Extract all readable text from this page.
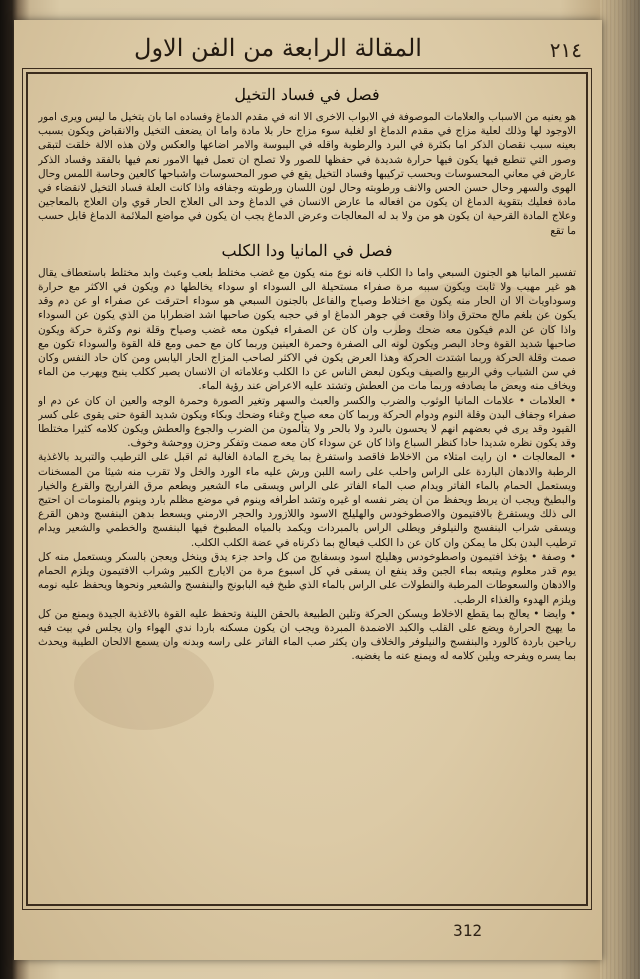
المقالة الرابعة من الفن الاول	٢١٤
فصل في فساد التخيل

هو يعنيه من الاسباب والعلامات الموصوفة في الابواب الاخرى الا انه في مقدم الدماغ وفساده اما بان يتخيل ما ليس ويرى امور الاوجود لها وذلك لعلية مزاج في مقدم الدماغ او لغلبة سوء مزاج حار بلا مادة واما ان يضعف التخيل والانقباض ويكون بسبب بعينه سبب نقصان الذكر اما بكثرة في البرد والرطوبة واقله في اليبوسة والامر اضاعها والعكس ولان هذه الالة خلقت لتبقى وصور التي تنطبع فيها يكون فيها حرارة شديدة في حفظها للصور ولا تصلح ان تعمل فيها الامور نعم فيها بالفقد وفساد الذكر عارض في معاني المحسوسات وبحسب تركيبها وفساد التخيل يقع في صور المحسوسات واشباحها كالعين وحاسة اللمس وحال الهوى والسهر وحال حسن الحس والانف ورطوبته وحال لون اللسان ورطوبته وجفافه واذا كانت العلة فساد التخيل لانقضاء في مادة فعليك بتقوية الدماغ ان يكون من افعاله ما عارض الانسان في الدماغ وحد الى العلاج الحار قوي وان العلاج بالمعاجين وعلاج المادة القرحية ان يكون هو من ولا بد له المعالجات وعرض الدماغ يجب ان يكون في مواضع الملائمة الدماغ قابل حسب ما تقع

فصل في المانيا ودا الكلب

تفسير المانيا هو الجنون السبعي واما دا الكلب فانه نوع منه يكون مع غضب مختلط بلعب وعبث وابد مختلط باستعطاف يقال هو غير مهيب ولا ثابت ويكون سببه مرة صفراء مستحيلة الى السوداء او سوداء يخالطها دم ويكون في الاكثر مع حرارة وسوداويات الا ان الحار منه يكون مع اختلاط وصياح والفاعل بالجنون السبعي هو سوداء احترقت عن صفراء او عن دم وقد يكون عن بلغم مالح محترق واذا وقعت في جوهر الدماغ او في حجبه يكون صاحبها اشد اضطرابا من الذي يكون عن السوداء واذا كان عن الدم فيكون معه ضحك وطرب وان كان عن الصفراء فيكون معه غضب وصياح وقلة نوم وكثرة حركة ويكون صاحبها شديد القوة وحاد البصر ويكون لونه الى الصفرة وحمرة العينين وربما كان مع حمى ومع قلة القوة والسوداء تكون مع صمت وقلة الحركة وربما اشتدت الحركة وهذا العرض يكون في الاكثر لصاحب المزاج الحار اليابس ومن كان حاد النفس وكان في سن الشباب وفي الربيع والصيف ويكون لبعض الناس عن دا الكلب وعلاماته ان الانسان يصير ككلب ينبح ويهرب من الماء ويخاف منه ويعض ما يصادفه وربما مات من العطش وتشتد عليه الاعراض عند رؤية الماء.
• العلامات • علامات المانيا الوثوب والضرب والكسر والعبث والسهر وتغير الصورة وحمرة الوجه والعين ان كان عن دم او صفراء وجفاف البدن وقلة النوم ودوام الحركة وربما كان معه صياح وغناء وضحك وبكاء ويكون شديد القوة حتى يقوى على كسر القيود وقد يرى في بعضهم انهم لا يحسون بالبرد ولا بالحر ولا يتألمون من الضرب والجوع والعطش ويكون كلامه كثيرا مختلطا وقد يكون نظره شديدا حادا كنظر السباع واذا كان عن سوداء كان معه صمت وتفكر وحزن ووحشة وخوف.
• المعالجات • ان رايت امتلاء من الاخلاط فاقصد واستفرغ بما يخرج المادة الغالبة ثم اقبل على الترطيب والتبريد بالاغذية الرطبة والادهان الباردة على الراس واحلب على راسه اللبن ورش عليه ماء الورد والخل ولا تقرب منه شيئا من المسخنات ويستعمل الحمام بالماء الفاتر ويدام صب الماء الفاتر على الراس ويسقى ماء الشعير ويطعم مرق الفراريج والقرع والخيار والبطيخ ويجب ان يربط ويحفظ من ان يضر نفسه او غيره وتشد اطرافه وينوم في موضع مظلم بارد وينوم بالمنومات ان احتيج الى ذلك ويستفرغ بالافتيمون والاصطوخودس والهليلج الاسود واللازورد والحجر الارمني ويسعط بدهن البنفسج ودهن القرع ويسقى شراب البنفسج والنيلوفر ويطلى الراس بالمبردات ويكمد بالمياه المطبوخ فيها البنفسج والخطمي والشعير ويدام ترطيب البدن بكل ما يمكن وان كان عن دا الكلب فيعالج بما ذكرناه في عضة الكلب الكلب.
• وصفة • يؤخذ افتيمون واصطوخودس وهليلج اسود وبسفايج من كل واحد جزء يدق وينخل ويعجن بالسكر ويستعمل منه كل يوم قدر معلوم ويتبعه بماء الجبن وقد ينفع ان يسقى في كل اسبوع مرة من الايارج الكبير وشراب الافتيمون ويلزم الحمام والادهان والسعوطات المرطبة والنطولات على الراس بالماء الذي طبخ فيه البابونج والبنفسج والشعير ونحوها ويحفظ عليه نومه ويلزم الهدوء والغذاء الرطب.
• وايضا • يعالج بما يقطع الاخلاط ويسكن الحركة وتلين الطبيعة بالحقن اللينة وتحفظ عليه القوة بالاغذية الجيدة ويمنع من كل ما يهيج الحرارة ويضع على القلب والكبد الاضمدة المبردة ويجب ان يكون مسكنه باردا ندي الهواء وان يجلس في بيت فيه رياحين باردة كالورد والبنفسج والنيلوفر والخلاف وان يكثر صب الماء الفاتر على راسه وبدنه وان يسمع الالحان الطيبة ويحدث بما يسره ويفرحه ويلين كلامه له ويمنع عنه ما يغضبه.

312
